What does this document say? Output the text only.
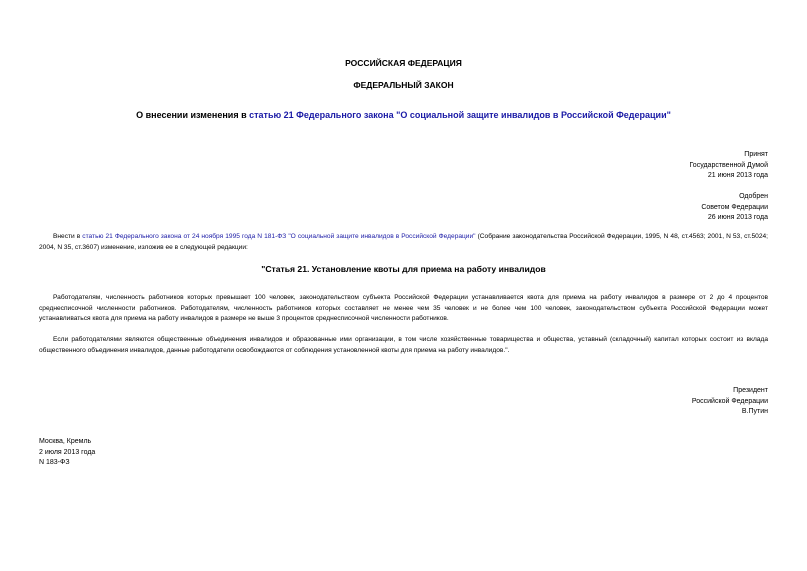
РОССИЙСКАЯ ФЕДЕРАЦИЯ
ФЕДЕРАЛЬНЫЙ ЗАКОН
О внесении изменения в статью 21 Федерального закона "О социальной защите инвалидов в Российской Федерации"
Принят
Государственной Думой
21 июня 2013 года
Одобрен
Советом Федерации
26 июня 2013 года
Внести в статью 21 Федерального закона от 24 ноября 1995 года N 181-ФЗ "О социальной защите инвалидов в Российской Федерации" (Собрание законодательства Российской Федерации, 1995, N 48, ст.4563; 2001, N 53, ст.5024; 2004, N 35, ст.3607) изменение, изложив ее в следующей редакции:
"Статья 21. Установление квоты для приема на работу инвалидов
Работодателям, численность работников которых превышает 100 человек, законодательством субъекта Российской Федерации устанавливается квота для приема на работу инвалидов в размере от 2 до 4 процентов среднесписочной численности работников. Работодателям, численность работников которых составляет не менее чем 35 человек и не более чем 100 человек, законодательством субъекта Российской Федерации может устанавливаться квота для приема на работу инвалидов в размере не выше 3 процентов среднесписочной численности работников.
Если работодателями являются общественные объединения инвалидов и образованные ими организации, в том числе хозяйственные товарищества и общества, уставный (складочный) капитал которых состоит из вклада общественного объединения инвалидов, данные работодатели освобождаются от соблюдения установленной квоты для приема на работу инвалидов.".
Президент
Российской Федерации
В.Путин
Москва, Кремль
2 июля 2013 года
N 183-ФЗ
